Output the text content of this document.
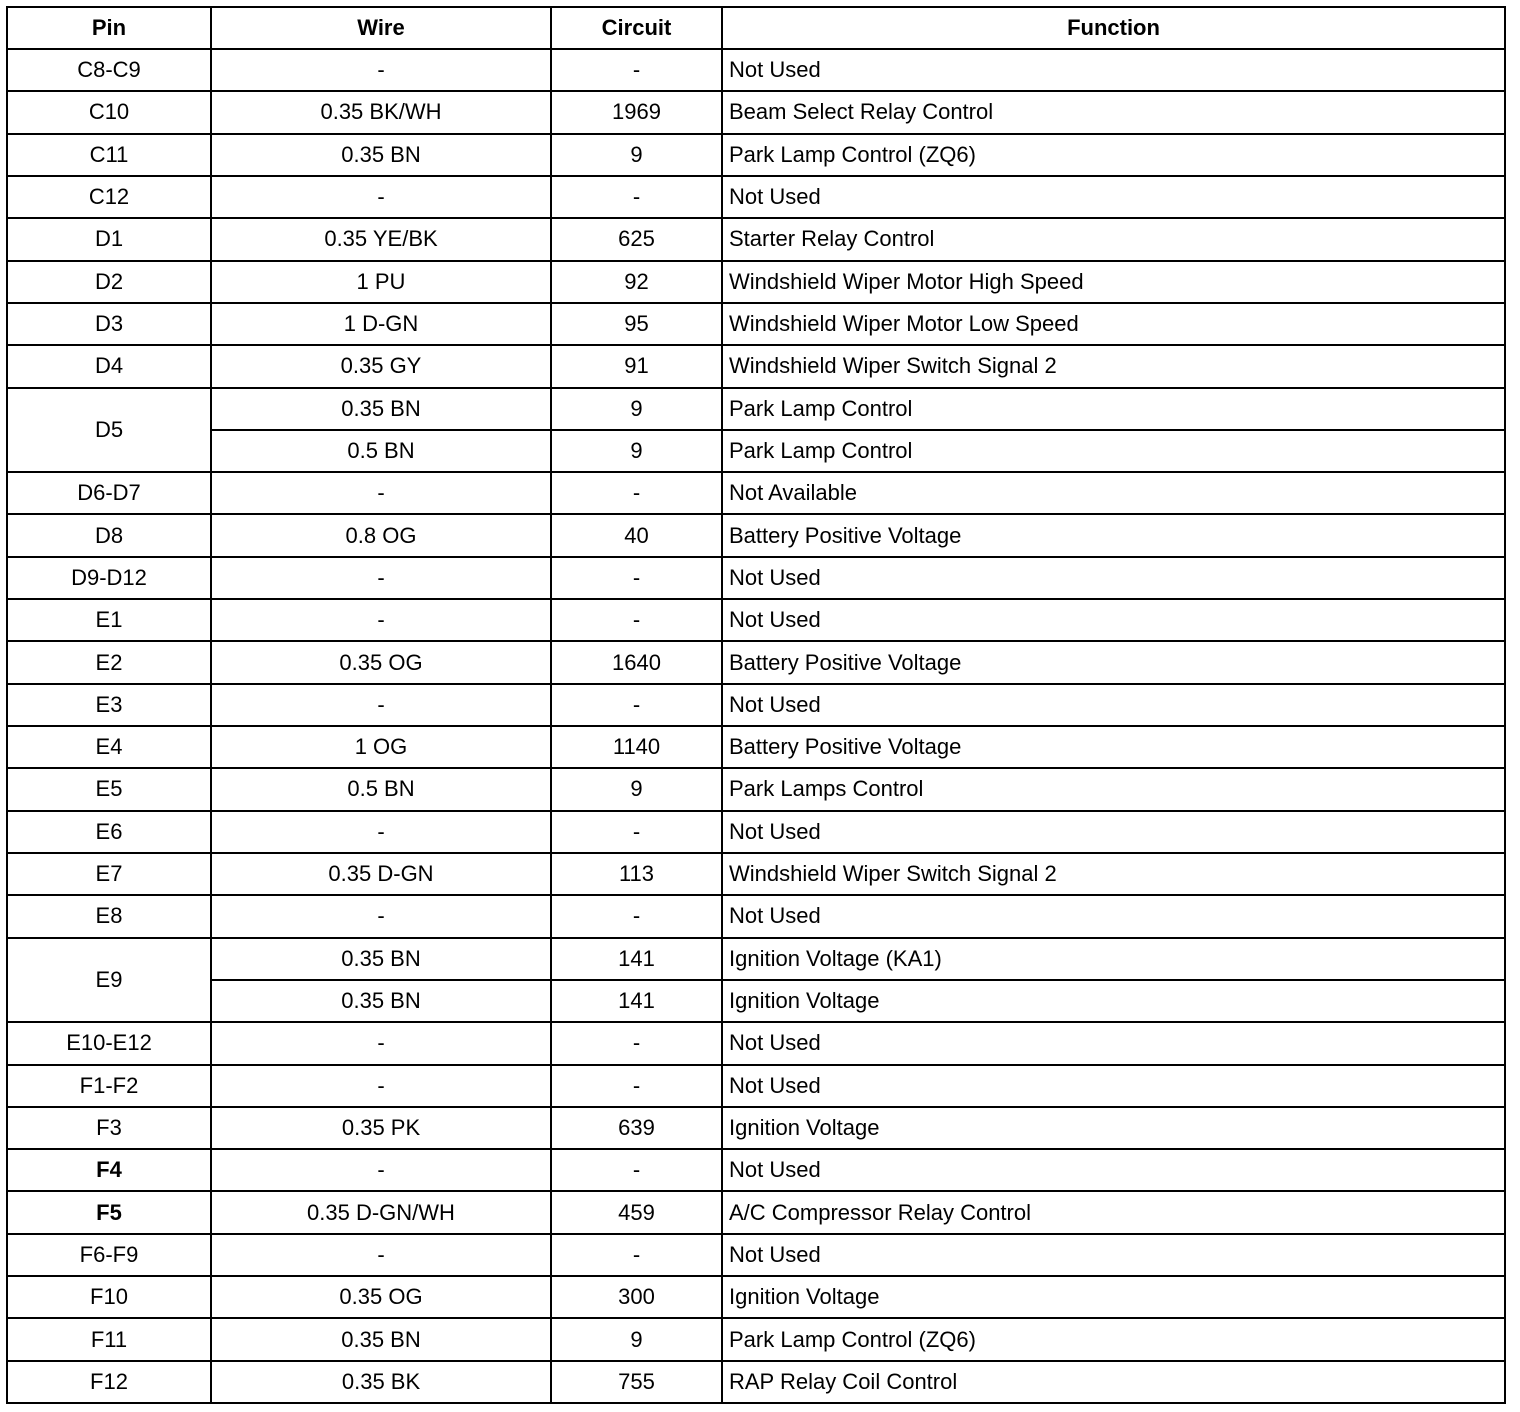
Pin	Wire	Circuit	Function
C8-C9	-	-	Not Used
C10	0.35 BK/WH	1969	Beam Select Relay Control
C11	0.35 BN	9	Park Lamp Control (ZQ6)
C12	-	-	Not Used
D1	0.35 YE/BK	625	Starter Relay Control
D2	1 PU	92	Windshield Wiper Motor High Speed
D3	1 D-GN	95	Windshield Wiper Motor Low Speed
D4	0.35 GY	91	Windshield Wiper Switch Signal 2
D5	0.35 BN	9	Park Lamp Control
	0.5 BN	9	Park Lamp Control
D6-D7	-	-	Not Available
D8	0.8 OG	40	Battery Positive Voltage
D9-D12	-	-	Not Used
E1	-	-	Not Used
E2	0.35 OG	1640	Battery Positive Voltage
E3	-	-	Not Used
E4	1 OG	1140	Battery Positive Voltage
E5	0.5 BN	9	Park Lamps Control
E6	-	-	Not Used
E7	0.35 D-GN	113	Windshield Wiper Switch Signal 2
E8	-	-	Not Used
E9	0.35 BN	141	Ignition Voltage (KA1)
	0.35 BN	141	Ignition Voltage
E10-E12	-	-	Not Used
F1-F2	-	-	Not Used
F3	0.35 PK	639	Ignition Voltage
F4	-	-	Not Used
F5	0.35 D-GN/WH	459	A/C Compressor Relay Control
F6-F9	-	-	Not Used
F10	0.35 OG	300	Ignition Voltage
F11	0.35 BN	9	Park Lamp Control (ZQ6)
F12	0.35 BK	755	RAP Relay Coil Control
